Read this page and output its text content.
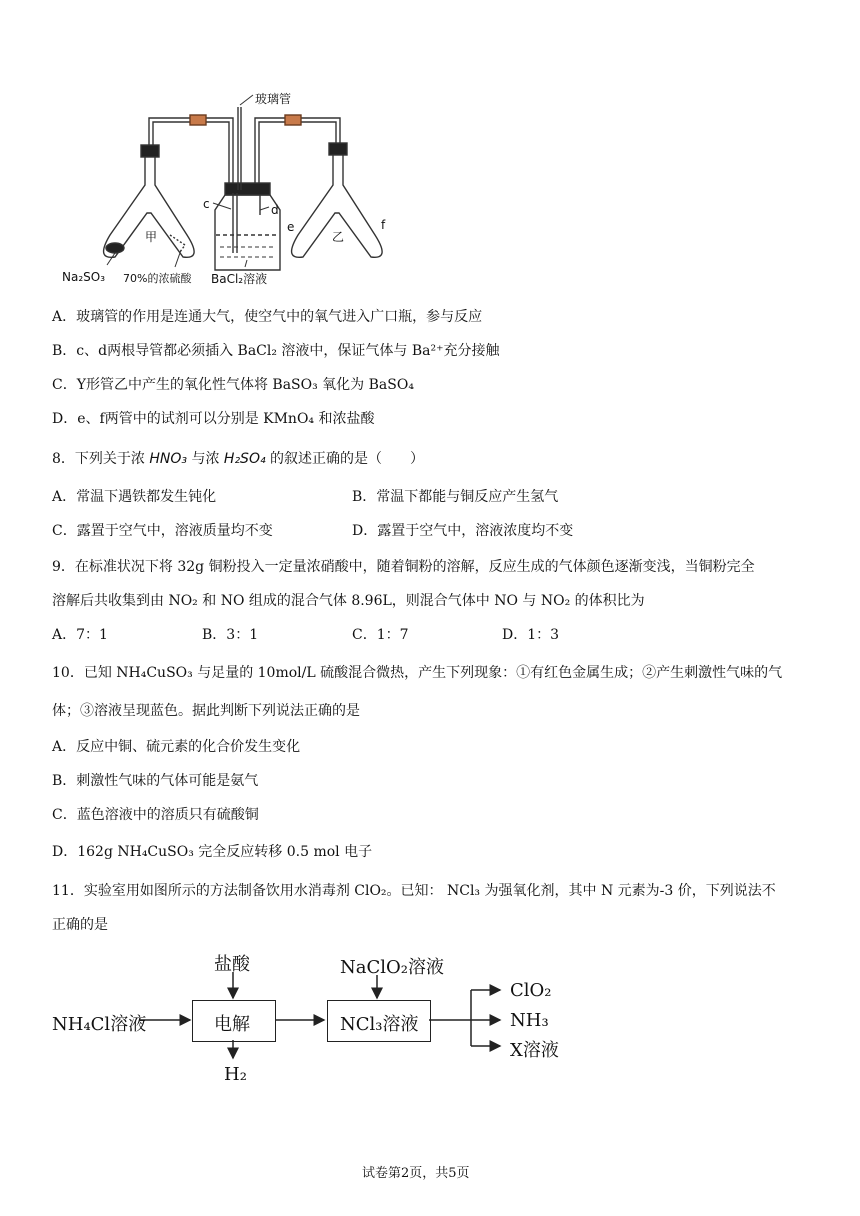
玻璃管
c	d
e	f
甲	乙
Na₂SO₃ 70%的浓硫酸 BaCl₂溶液
A．玻璃管的作用是连通大气，使空气中的氧气进入广口瓶，参与反应
B．c、d两根导管都必须插入 BaCl₂ 溶液中，保证气体与 Ba²⁺充分接触
C．Y形管乙中产生的氧化性气体将 BaSO₃ 氧化为 BaSO₄
D．e、f两管中的试剂可以分别是 KMnO₄ 和浓盐酸
8．下列关于浓 HNO₃ 与浓 H₂SO₄ 的叙述正确的是（　　）
A．常温下遇铁都发生钝化	B．常温下都能与铜反应产生氢气
C．露置于空气中，溶液质量均不变	D．露置于空气中，溶液浓度均不变
9．在标准状况下将 32g 铜粉投入一定量浓硝酸中，随着铜粉的溶解，反应生成的气体颜色逐渐变浅，当铜粉完全
溶解后共收集到由 NO₂ 和 NO 组成的混合气体 8.96L，则混合气体中 NO 与 NO₂ 的体积比为
A．7：1	B．3：1	C．1：7	D．1：3
10．已知 NH₄CuSO₃ 与足量的 10mol/L 硫酸混合微热，产生下列现象：①有红色金属生成；②产生刺激性气味的气
体；③溶液呈现蓝色。据此判断下列说法正确的是
A．反应中铜、硫元素的化合价发生变化
B．刺激性气味的气体可能是氨气
C．蓝色溶液中的溶质只有硫酸铜
D．162g NH₄CuSO₃ 完全反应转移 0.5 mol 电子
11．实验室用如图所示的方法制备饮用水消毒剂 ClO₂。已知： NCl₃ 为强氧化剂，其中 N 元素为-3 价，下列说法不
正确的是
NH₄Cl溶液
盐酸
电解
H₂
NaClO₂溶液
NCl₃溶液
ClO₂
NH₃
X溶液
试卷第2页，共5页
